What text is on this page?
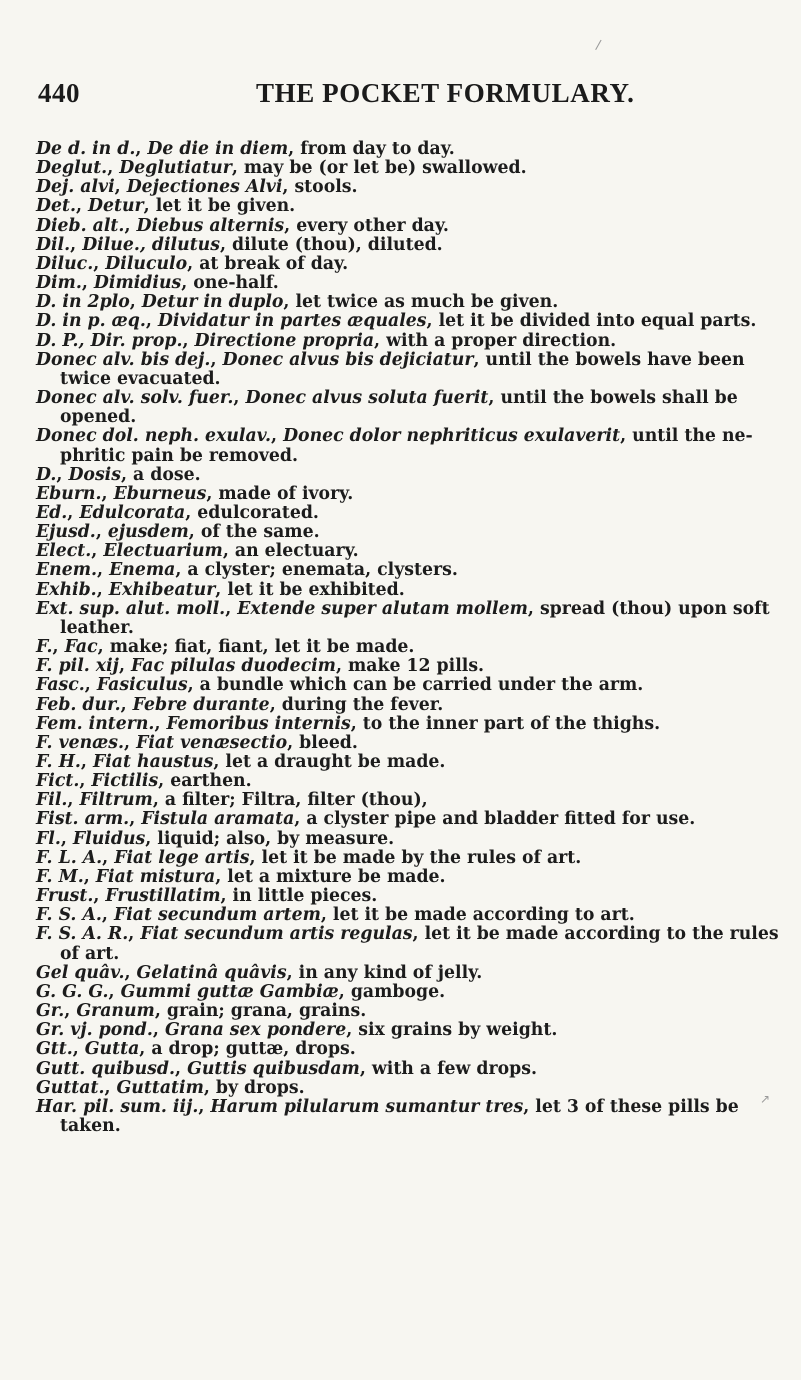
440	THE POCKET FORMULARY.
/
↗

De d. in d., De die in diem, from day to day.

Deglut., Deglutiatur, may be (or let be) swallowed.

Dej. alvi, Dejectiones Alvi, stools.

Det., Detur, let it be given.

Dieb. alt., Diebus alternis, every other day.

Dil., Dilue., dilutus, dilute (thou), diluted.

Diluc., Diluculo, at break of day.

Dim., Dimidius, one-half.

D. in 2plo, Detur in duplo, let twice as much be given.

D. in p. æq., Dividatur in partes æquales, let it be divided into equal parts.

D. P., Dir. prop., Directione propria, with a proper direction.

Donec alv. bis dej., Donec alvus bis dejiciatur, until the bowels have been twice evacuated.

Donec alv. solv. fuer., Donec alvus soluta fuerit, until the bowels shall be opened.

Donec dol. neph. exulav., Donec dolor nephriticus exulaverit, until the ne-phritic pain be removed.

D., Dosis, a dose.

Eburn., Eburneus, made of ivory.

Ed., Edulcorata, edulcorated.

Ejusd., ejusdem, of the same.

Elect., Electuarium, an electuary.

Enem., Enema, a clyster; enemata, clysters.

Exhib., Exhibeatur, let it be exhibited.

Ext. sup. alut. moll., Extende super alutam mollem, spread (thou) upon soft leather.

F., Fac, make; fiat, fiant, let it be made.

F. pil. xij, Fac pilulas duodecim, make 12 pills.

Fasc., Fasiculus, a bundle which can be carried under the arm.

Feb. dur., Febre durante, during the fever.

Fem. intern., Femoribus internis, to the inner part of the thighs.

F. venæs., Fiat venæsectio, bleed.

F. H., Fiat haustus, let a draught be made.

Fict., Fictilis, earthen.

Fil., Filtrum, a filter; Filtra, filter (thou),

Fist. arm., Fistula aramata, a clyster pipe and bladder fitted for use.

Fl., Fluidus, liquid; also, by measure.

F. L. A., Fiat lege artis, let it be made by the rules of art.

F. M., Fiat mistura, let a mixture be made.

Frust., Frustillatim, in little pieces.

F. S. A., Fiat secundum artem, let it be made according to art.

F. S. A. R., Fiat secundum artis regulas, let it be made according to the rules of art.

Gel quâv., Gelatinâ quâvis, in any kind of jelly.

G. G. G., Gummi guttæ Gambiæ, gamboge.

Gr., Granum, grain; grana, grains.

Gr. vj. pond., Grana sex pondere, six grains by weight.

Gtt., Gutta, a drop; guttæ, drops.

Gutt. quibusd., Guttis quibusdam, with a few drops.

Guttat., Guttatim, by drops.

Har. pil. sum. iij., Harum pilularum sumantur tres, let 3 of these pills be taken.
